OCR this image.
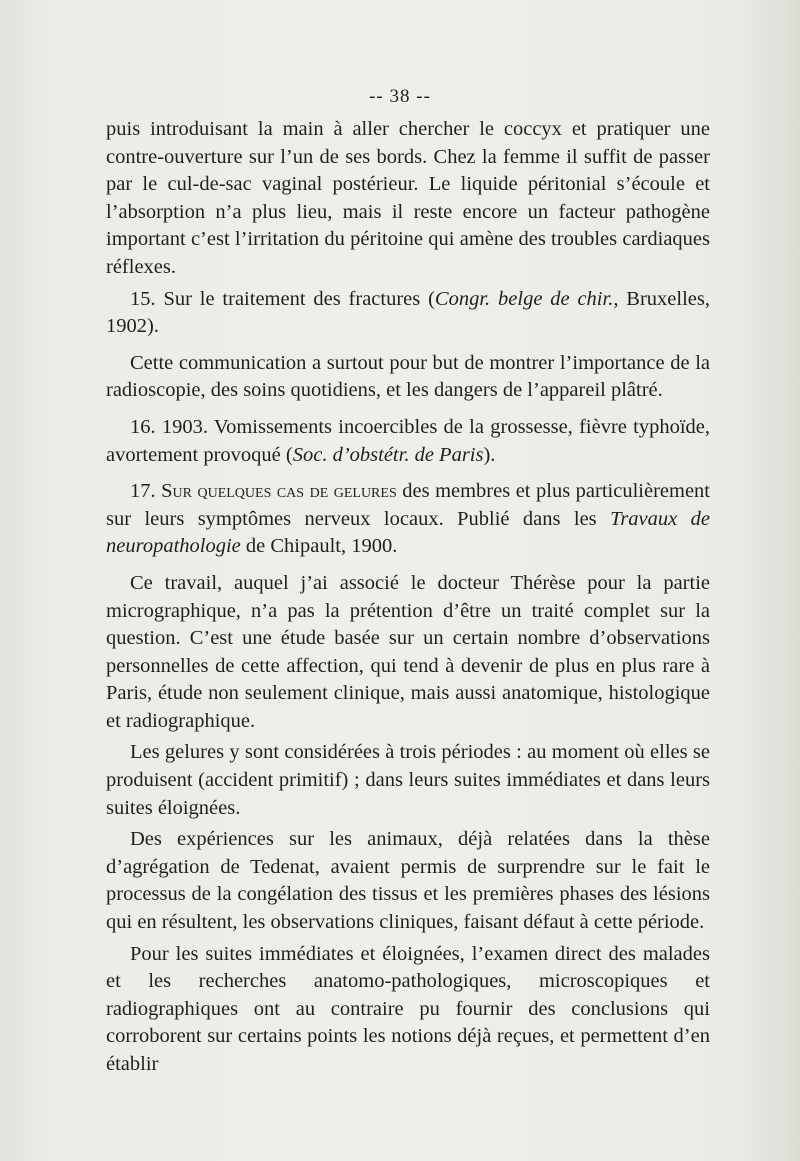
-- 38 --

puis introduisant la main à aller chercher le coccyx et pratiquer une contre-ouverture sur l’un de ses bords. Chez la femme il suffit de passer par le cul-de-sac vaginal postérieur. Le liquide péritonial s’écoule et l’absorption n’a plus lieu, mais il reste encore un facteur pathogène important c’est l’irritation du péritoine qui amène des troubles cardiaques réflexes.

15. Sur le traitement des fractures (Congr. belge de chir., Bruxelles, 1902).

Cette communication a surtout pour but de montrer l’importance de la radioscopie, des soins quotidiens, et les dangers de l’appareil plâtré.

16. 1903. Vomissements incoercibles de la grossesse, fièvre typhoïde, avortement provoqué (Soc. d’obstétr. de Paris).

17. Sur quelques cas de gelures des membres et plus particulièrement sur leurs symptômes nerveux locaux. Publié dans les Travaux de neuropathologie de Chipault, 1900.

Ce travail, auquel j’ai associé le docteur Thérèse pour la partie micrographique, n’a pas la prétention d’être un traité complet sur la question. C’est une étude basée sur un certain nombre d’observations personnelles de cette affection, qui tend à devenir de plus en plus rare à Paris, étude non seulement clinique, mais aussi anatomique, histologique et radiographique.

Les gelures y sont considérées à trois périodes : au moment où elles se produisent (accident primitif) ; dans leurs suites immédiates et dans leurs suites éloignées.

Des expériences sur les animaux, déjà relatées dans la thèse d’agrégation de Tedenat, avaient permis de surprendre sur le fait le processus de la congélation des tissus et les premières phases des lésions qui en résultent, les observations cliniques, faisant défaut à cette période.

Pour les suites immédiates et éloignées, l’examen direct des malades et les recherches anatomo-pathologiques, microscopiques et radiographiques ont au contraire pu fournir des conclusions qui corroborent sur certains points les notions déjà reçues, et permettent d’en établir
